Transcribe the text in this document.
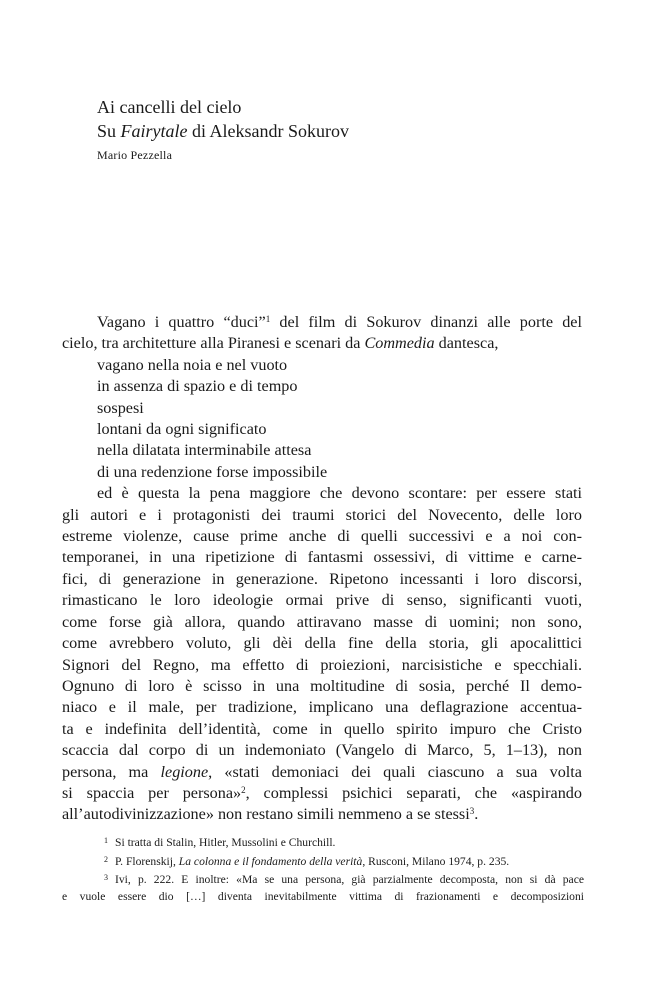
Ai cancelli del cielo
Su Fairytale di Aleksandr Sokurov
Mario Pezzella
Vagano i quattro “duci”$^1$ del film di Sokurov dinanzi alle porte del
cielo, tra architetture alla Piranesi e scenari da Commedia dantesca,
vagano nella noia e nel vuoto
in assenza di spazio e di tempo
sospesi
lontani da ogni significato
nella dilatata interminabile attesa
di una redenzione forse impossibile
ed è questa la pena maggiore che devono scontare: per essere stati
gli autori e i protagonisti dei traumi storici del Novecento, delle loro
estreme violenze, cause prime anche di quelli successivi e a noi con-
temporanei, in una ripetizione di fantasmi ossessivi, di vittime e carne-
fici, di generazione in generazione. Ripetono incessanti i loro discorsi,
rimasticano le loro ideologie ormai prive di senso, significanti vuoti,
come forse già allora, quando attiravano masse di uomini; non sono,
come avrebbero voluto, gli dèi della fine della storia, gli apocalittici
Signori del Regno, ma effetto di proiezioni, narcisistiche e specchiali.
Ognuno di loro è scisso in una moltitudine di sosia, perché Il demo-
niaco e il male, per tradizione, implicano una deflagrazione accentua-
ta e indefinita dell’identità, come in quello spirito impuro che Cristo
scaccia dal corpo di un indemoniato (Vangelo di Marco, 5, 1–13), non
persona, ma legione, «stati demoniaci dei quali ciascuno a sua volta
si spaccia per persona»$^2$, complessi psichici separati, che «aspirando
all’autodivinizzazione» non restano simili nemmeno a se stessi$^3$.
$^1$ Si tratta di Stalin, Hitler, Mussolini e Churchill.
$^2$ P. Florenskij, La colonna e il fondamento della verità, Rusconi, Milano 1974, p. 235.
$^3$ Ivi, p. 222. E inoltre: «Ma se una persona, già parzialmente decomposta, non si dà pace
e vuole essere dio […] diventa inevitabilmente vittima di frazionamenti e decomposizioni
